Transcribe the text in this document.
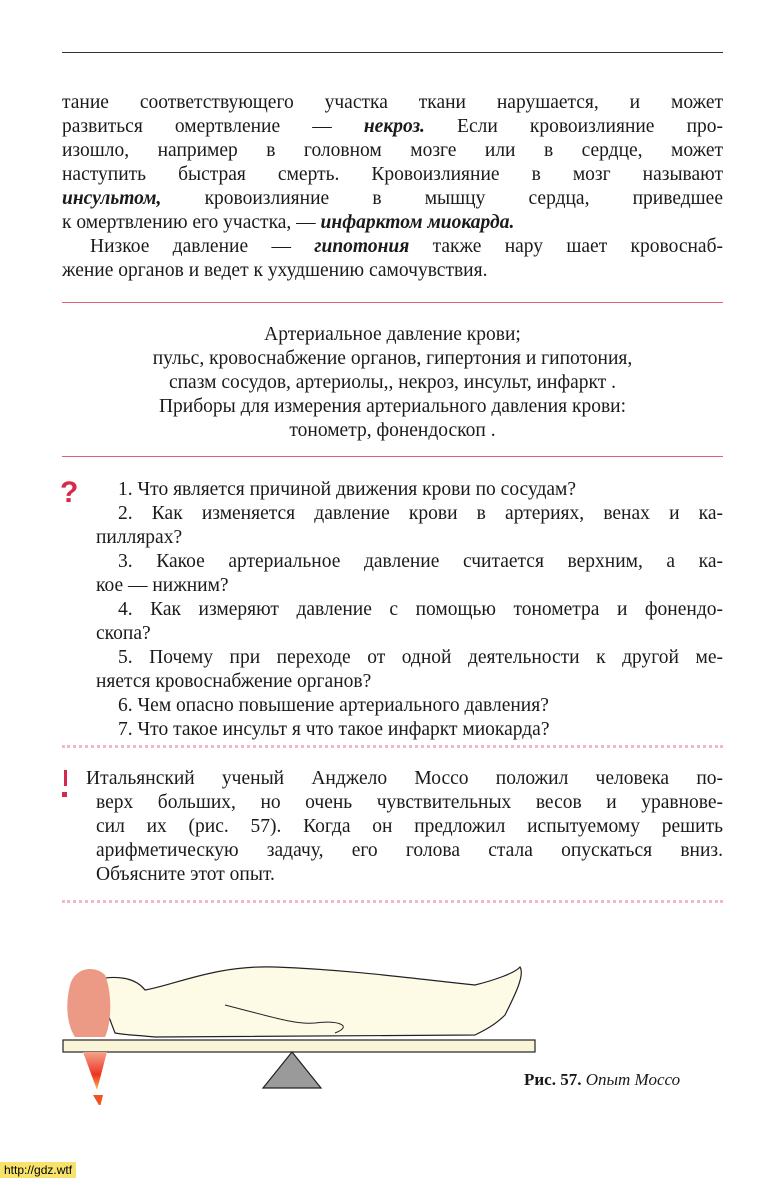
тание соответствующего участка ткани нарушается, и может
развиться омертвление — некроз. Если кровоизлияние про-
изошло, например в головном мозге или в сердце, может
наступить быстрая смерть. Кровоизлияние в мозг называют
инсультом, кровоизлияние в мышцу сердца, приведшее
к омертвлению его участка, — инфарктом миокарда.
Низкое давление — гипотония также нару шает кровоснаб-
жение органов и ведет к ухудшению самочувствия.
Артериальное давление крови;
пульс, кровоснабжение органов, гипертония и гипотония,
спазм сосудов, артериолы,, некроз, инсульт, инфаркт .
Приборы для измерения артериального давления крови:
тонометр, фонендоскоп .
? 1. Что является причиной движения крови по сосудам?
2. Как изменяется давление крови в артериях, венах и ка-
пиллярах?
3. Какое артериальное давление считается верхним, а ка-
кое — нижним?
4. Как измеряют давление с помощью тонометра и фонендо-
скопа?
5. Почему при переходе от одной деятельности к другой ме-
няется кровоснабжение органов?
6. Чем опасно повышение артериального давления?
7. Что такое инсульт я что такое инфаркт миокарда?
Итальянский ученый Анджело Моссо положил человека по-
верх больших, но очень чувствительных весов и уравнове-
сил их (рис. 57). Когда он предложил испытуемому решить
арифметическую задачу, его голова стала опускаться вниз.
Объясните этот опыт.
Рис. 57. Опыт Моссо
http://gdz.wtf
